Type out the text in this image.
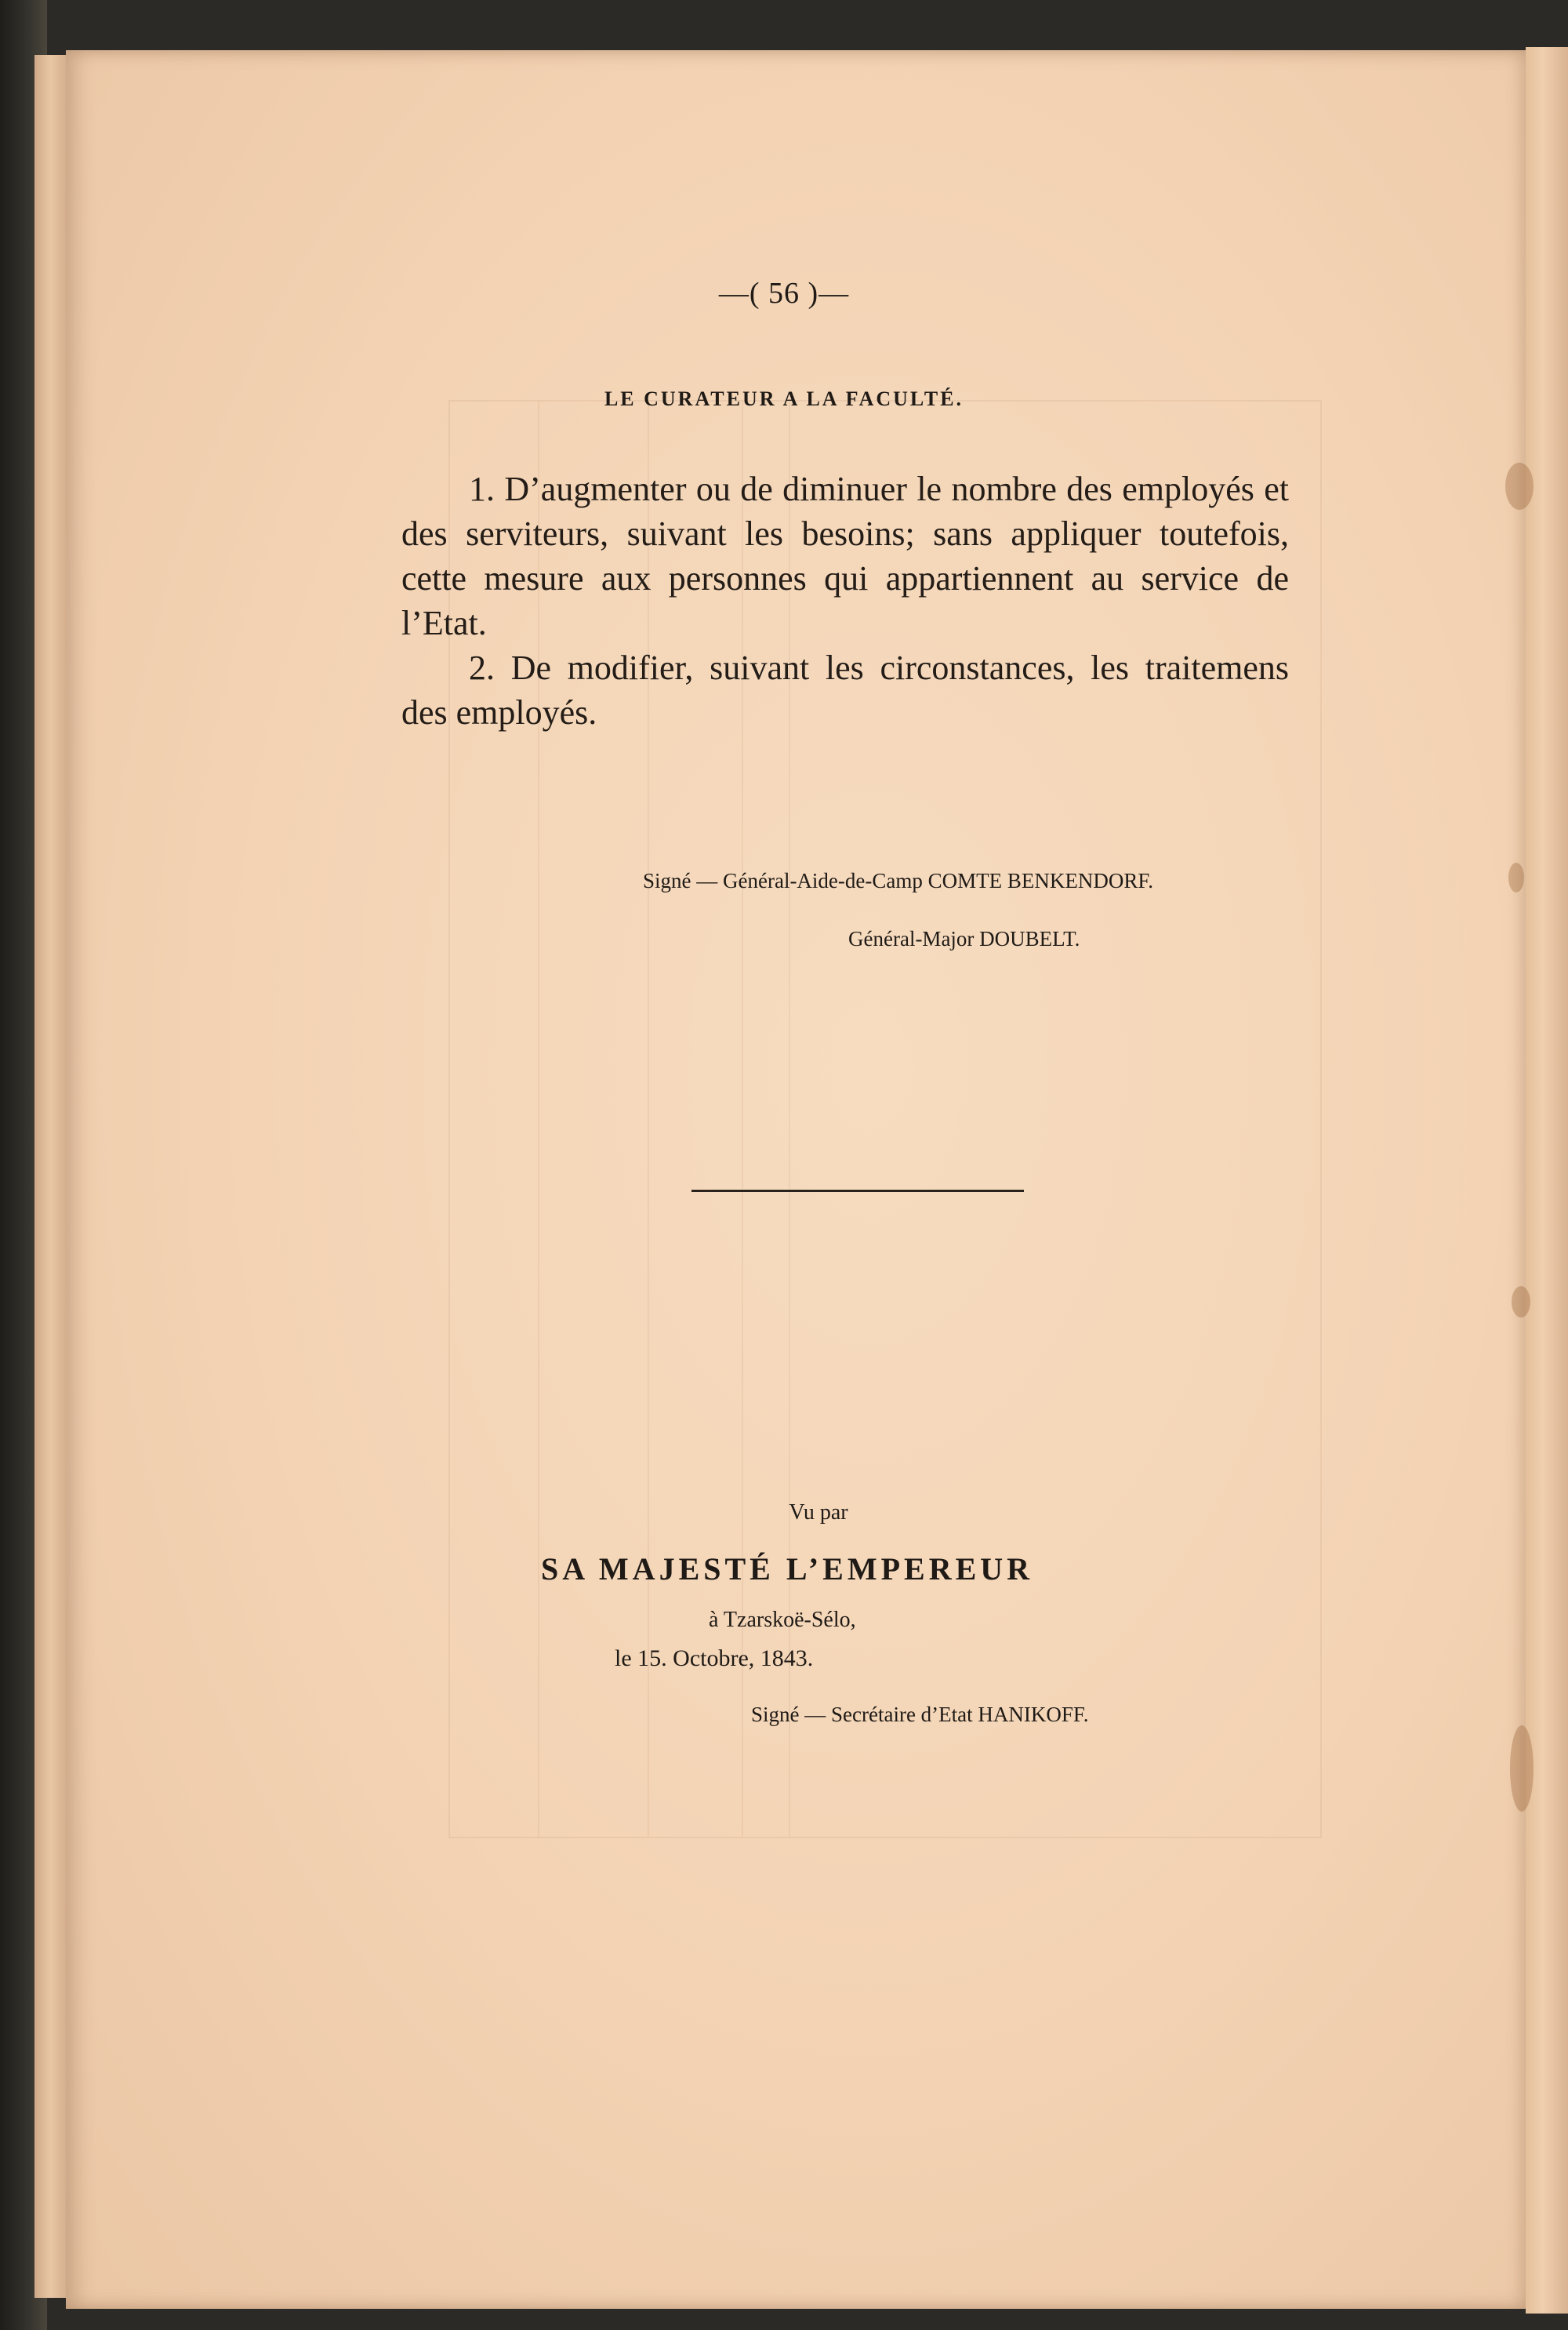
—( 56 )—
LE CURATEUR A LA FACULTÉ.
1. D’augmenter ou de diminuer le nombre des employés et des serviteurs, suivant les besoins; sans appliquer toutefois, cette mesure aux personnes qui appartiennent au service de l’Etat.
2. De modifier, suivant les circonstances, les traitemens des employés.
Signé — Général-Aide-de-Camp COMTE BENKENDORF.
Général-Major DOUBELT.
Vu par
SA MAJESTÉ L’EMPEREUR
à Tzarskoë-Sélo,
le 15. Octobre, 1843.
Signé — Secrétaire d’Etat HANIKOFF.
